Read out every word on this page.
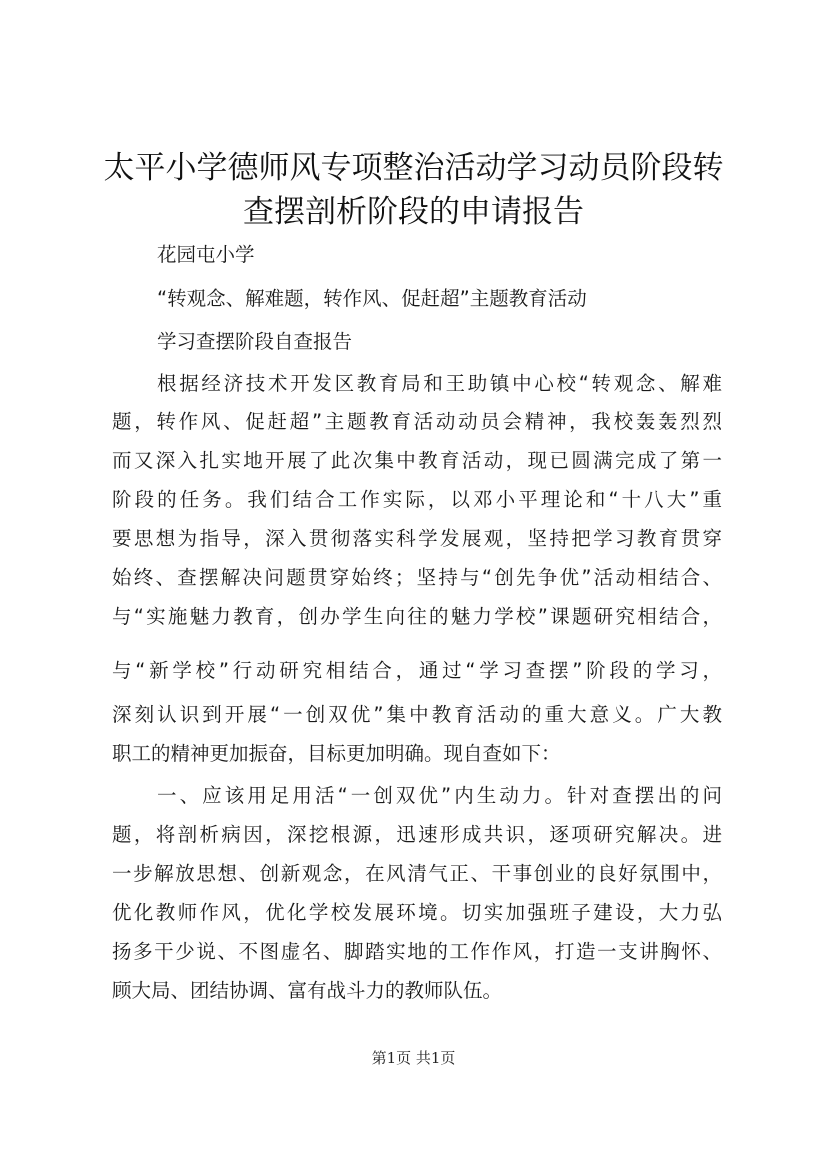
太平小学德师风专项整治活动学习动员阶段转
查摆剖析阶段的申请报告
花园屯小学
“转观念、解难题，转作风、促赶超”主题教育活动
学习查摆阶段自查报告
根据经济技术开发区教育局和王助镇中心校“转观念、解难
题，转作风、促赶超”主题教育活动动员会精神，我校轰轰烈烈
而又深入扎实地开展了此次集中教育活动，现已圆满完成了第一
阶段的任务。我们结合工作实际，以邓小平理论和“十八大”重
要思想为指导，深入贯彻落实科学发展观，坚持把学习教育贯穿
始终、查摆解决问题贯穿始终；坚持与“创先争优”活动相结合、
与“实施魅力教育，创办学生向往的魅力学校”课题研究相结合，
与“新学校”行动研究相结合，通过“学习查摆”阶段的学习，
深刻认识到开展“一创双优”集中教育活动的重大意义。广大教
职工的精神更加振奋，目标更加明确。现自查如下：
一、应该用足用活“一创双优”内生动力。针对查摆出的问
题，将剖析病因，深挖根源，迅速形成共识，逐项研究解决。进
一步解放思想、创新观念，在风清气正、干事创业的良好氛围中，
优化教师作风，优化学校发展环境。切实加强班子建设，大力弘
扬多干少说、不图虚名、脚踏实地的工作作风，打造一支讲胸怀、
顾大局、团结协调、富有战斗力的教师队伍。
第1页 共1页
